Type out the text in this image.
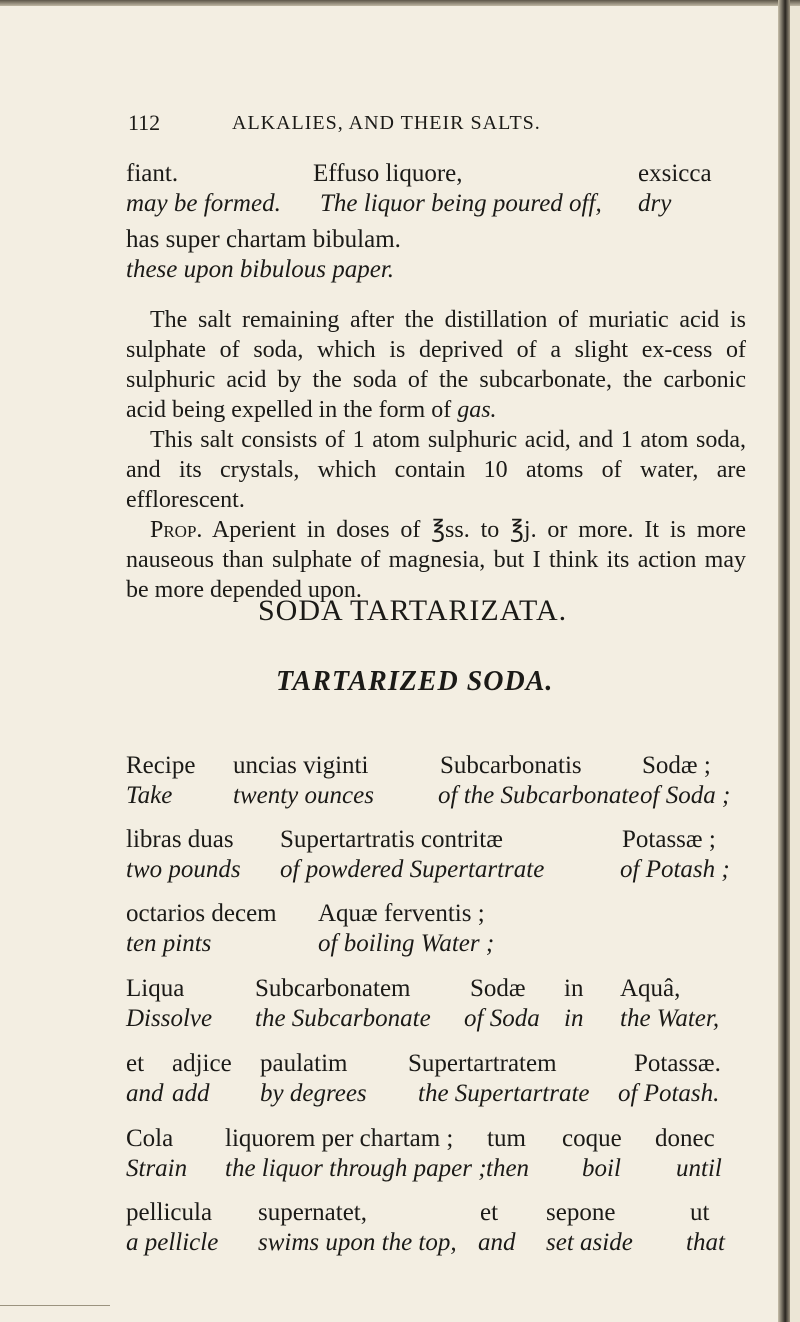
112	ALKALIES, AND THEIR SALTS.
fiant.	Effuso liquore,	exsicca
may be formed. The liquor being poured off, dry
has super chartam bibulam.
these upon bibulous paper.

The salt remaining after the distillation of muriatic acid is sulphate of soda, which is deprived of a slight ex-cess of sulphuric acid by the soda of the subcarbonate, the carbonic acid being expelled in the form of gas.

This salt consists of 1 atom sulphuric acid, and 1 atom soda, and its crystals, which contain 10 atoms of water, are efflorescent.

Prop. Aperient in doses of ℥ss. to ℥j. or more. It is more nauseous than sulphate of magnesia, but I think its action may be more depended upon.

SODA TARTARIZATA.
TARTARIZED SODA.
Recipe uncias viginti	Subcarbonatis Sodæ ;
Take twenty ounces	of the Subcarbonate of Soda ;
libras duas Supertartratis contritæ	Potassæ ;
two pounds of powdered Supertartrate	of Potash ;
octarios decem Aquæ ferventis ;
ten pints	of boiling Water ;
Liqua	Subcarbonatem Sodæ in Aquâ,
Dissolve the Subcarbonate of Soda in the Water,
et adjice paulatim Supertartratem	Potassæ.
and add by degrees the Supertartrate of Potash.
Cola liquorem per chartam ; tum coque donec
Strain the liquor through paper ; then boil until
pellicula supernatet,	et sepone	ut
a pellicle swims upon the top, and set aside that
